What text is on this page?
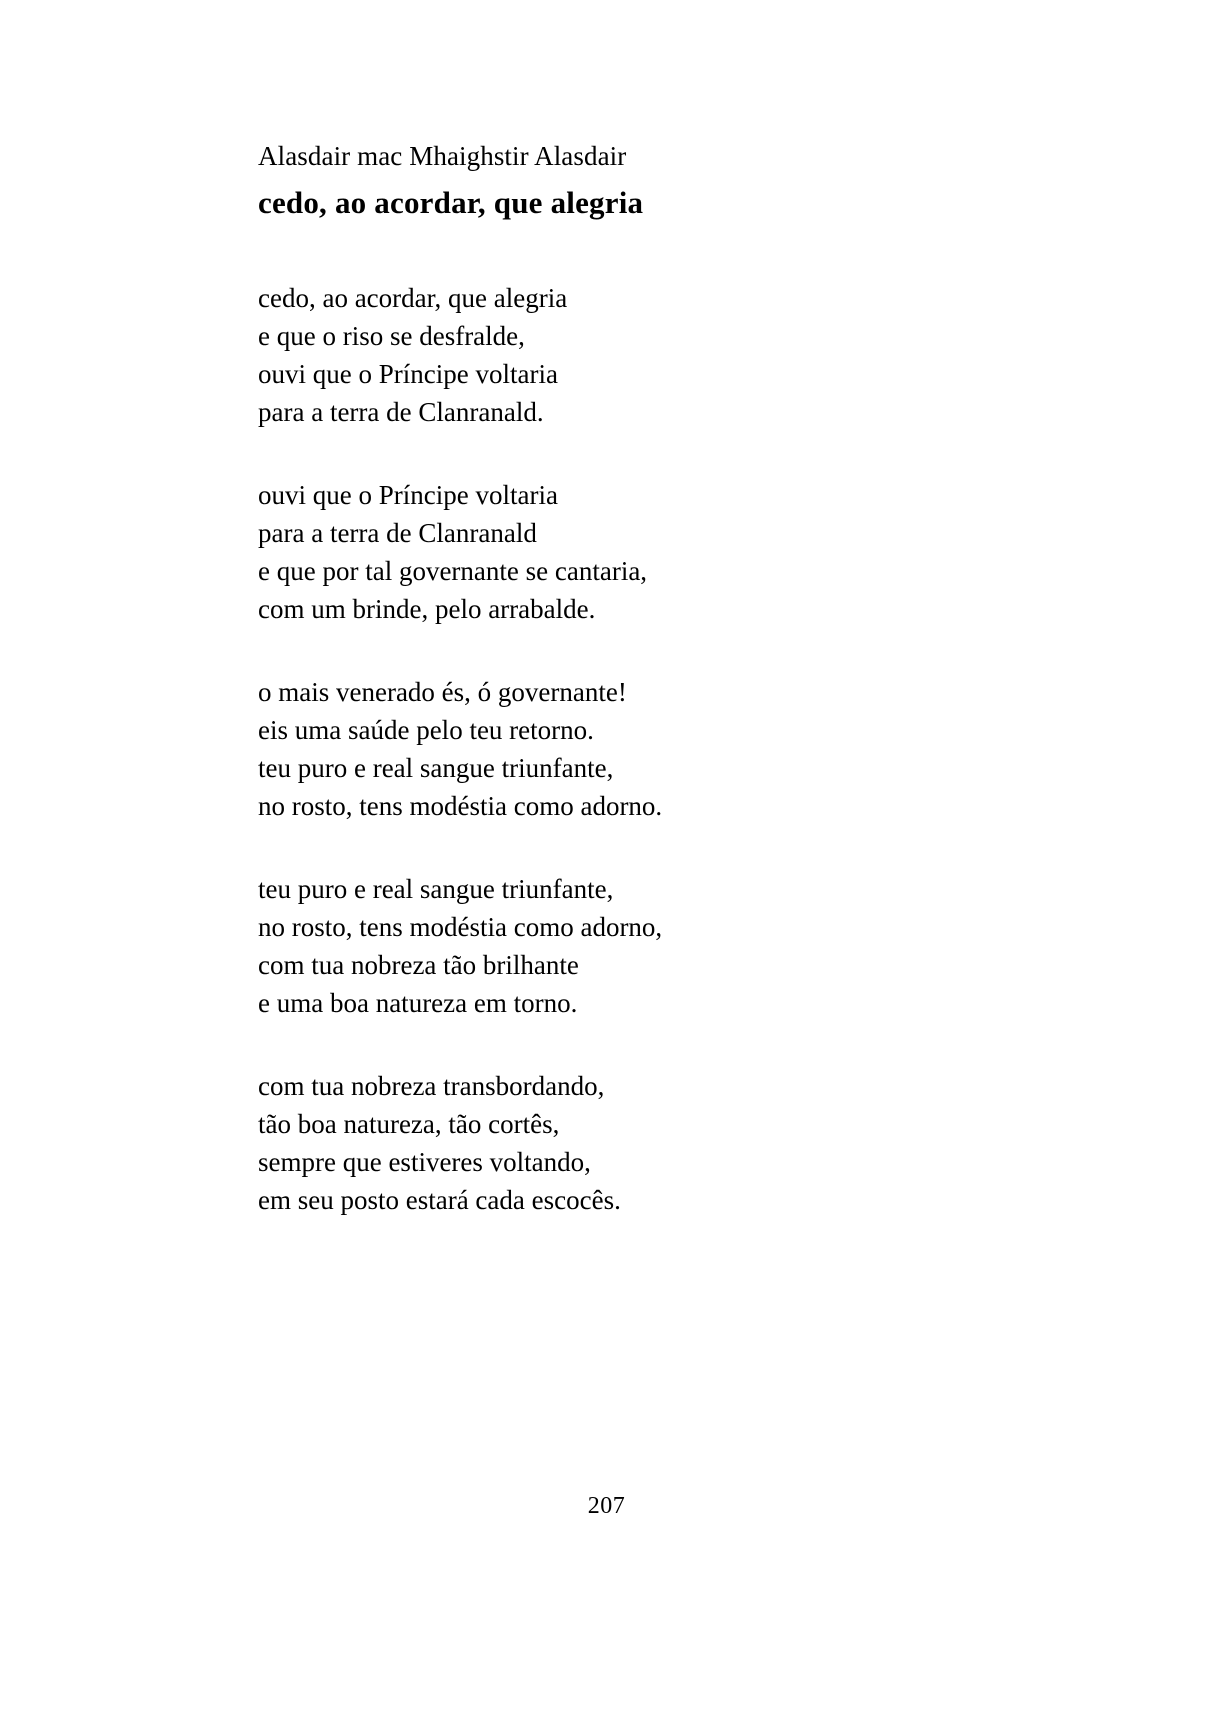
Alasdair mac Mhaighstir Alasdair
cedo, ao acordar, que alegria
cedo, ao acordar, que alegria
e que o riso se desfralde,
ouvi que o Príncipe voltaria
para a terra de Clanranald.
ouvi que o Príncipe voltaria
para a terra de Clanranald
e que por tal governante se cantaria,
com um brinde, pelo arrabalde.
o mais venerado és, ó governante!
eis uma saúde pelo teu retorno.
teu puro e real sangue triunfante,
no rosto, tens modéstia como adorno.
teu puro e real sangue triunfante,
no rosto, tens modéstia como adorno,
com tua nobreza tão brilhante
e uma boa natureza em torno.
com tua nobreza transbordando,
tão boa natureza, tão cortês,
sempre que estiveres voltando,
em seu posto estará cada escocês.
207
